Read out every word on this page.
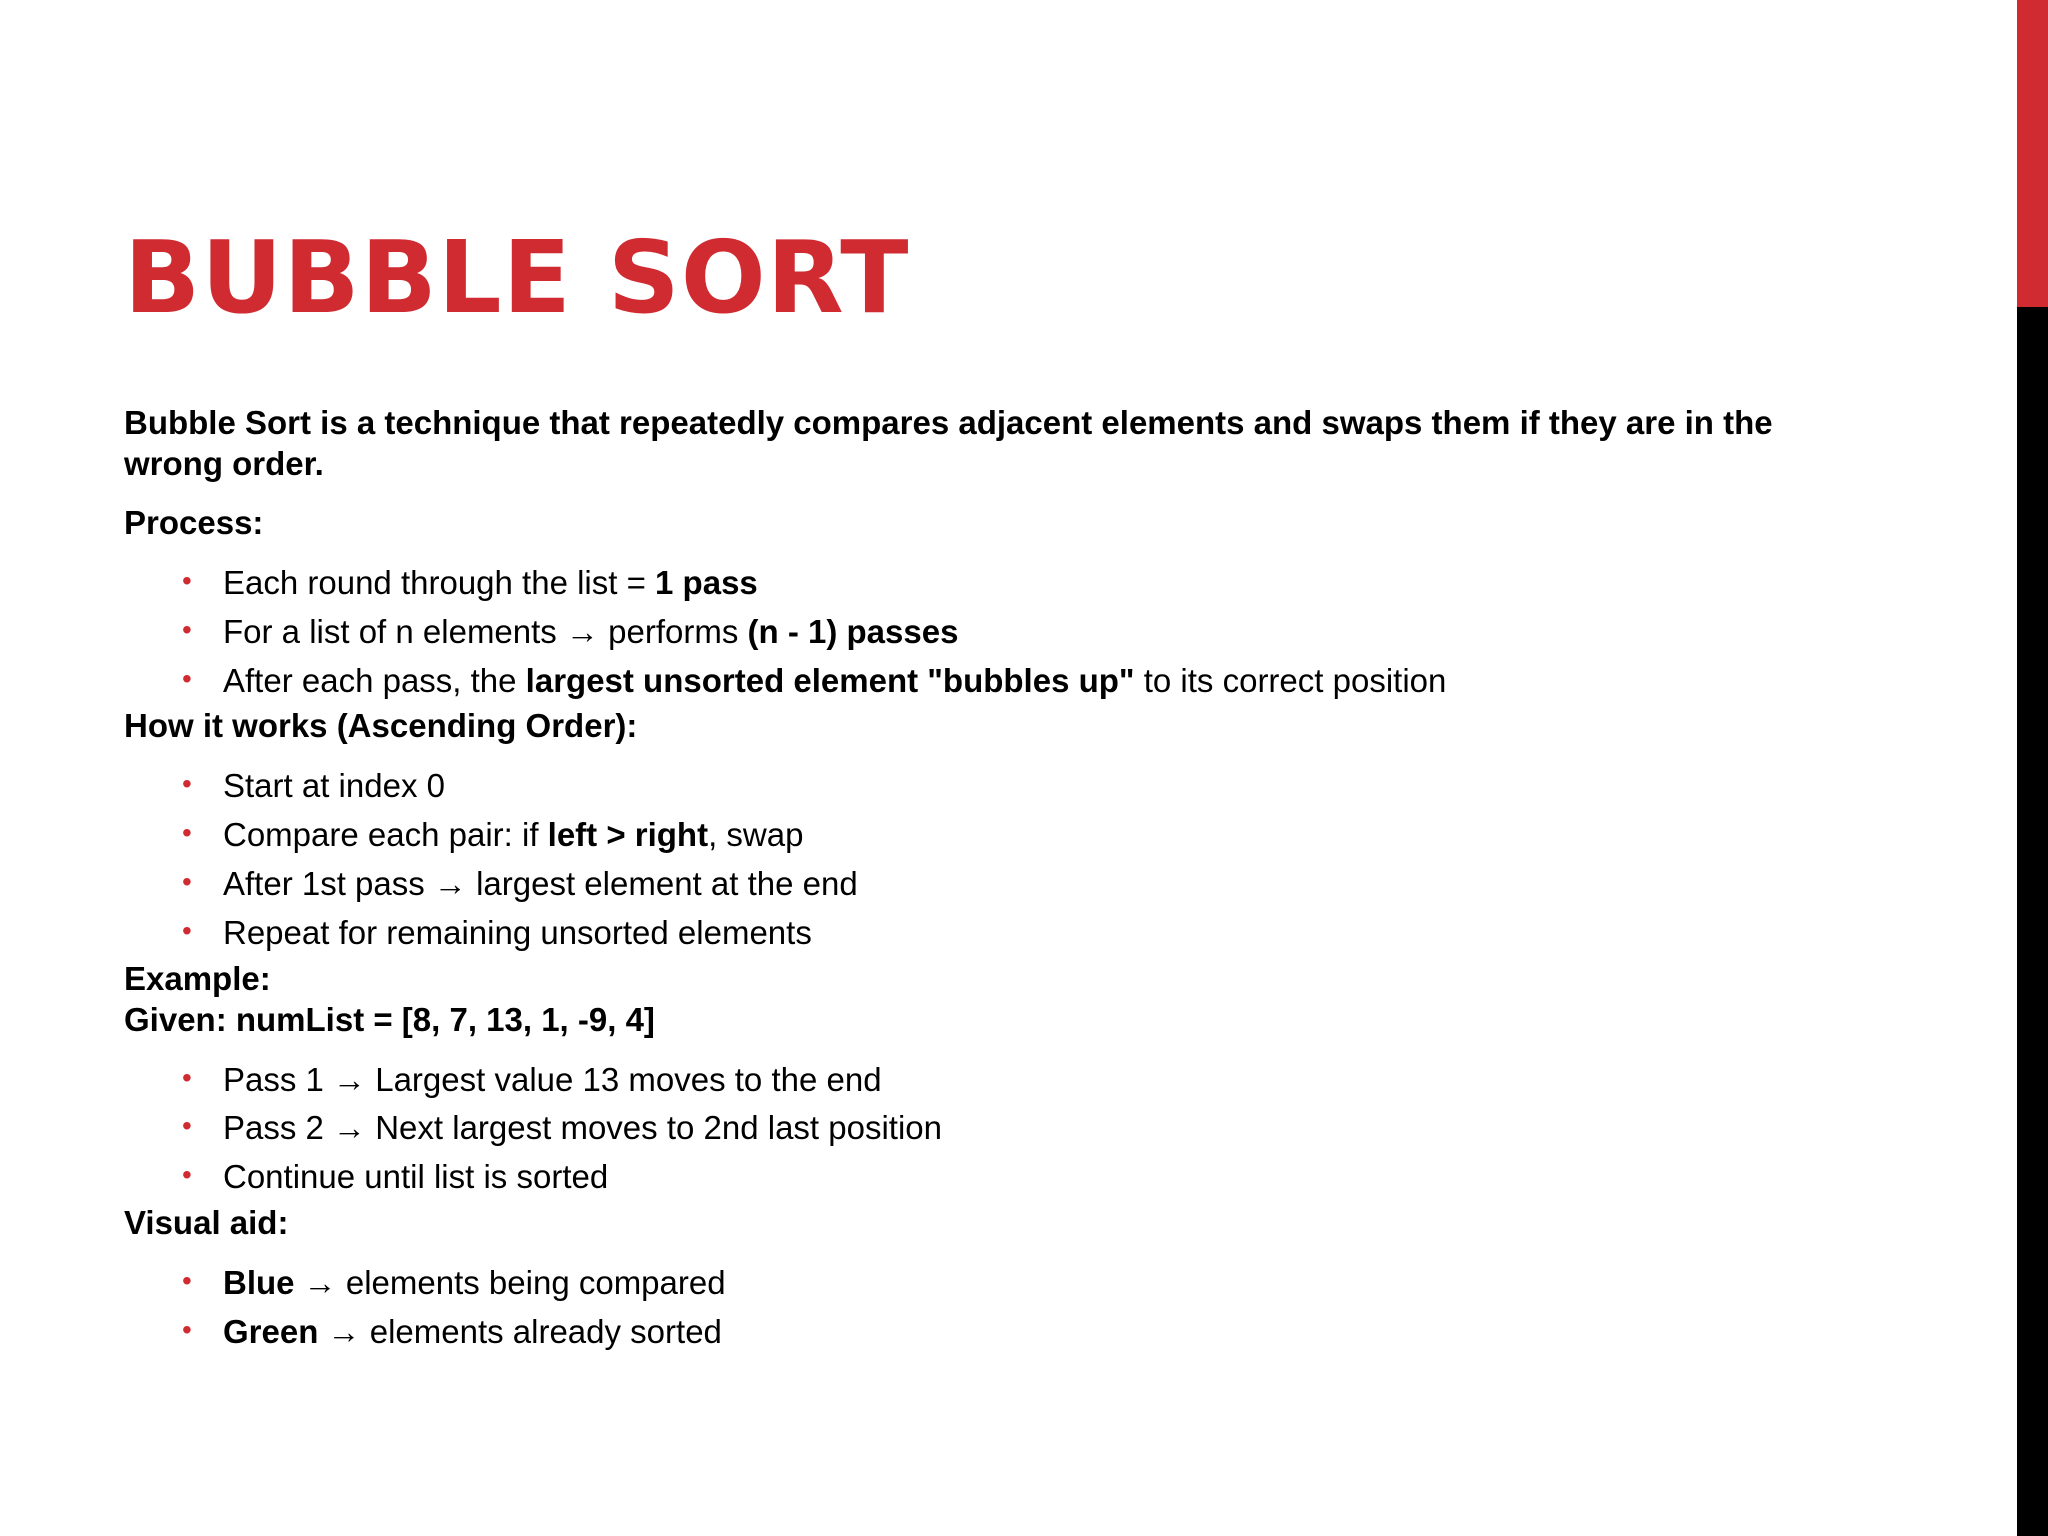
BUBBLE SORT

Bubble Sort is a technique that repeatedly compares adjacent elements and swaps them if they are in the wrong order.

Process:

• Each round through the list = 1 pass
• For a list of n elements → performs (n - 1) passes
• After each pass, the largest unsorted element "bubbles up" to its correct position

How it works (Ascending Order):

• Start at index 0
• Compare each pair: if left > right, swap
• After 1st pass → largest element at the end
• Repeat for remaining unsorted elements

Example:

Given: numList = [8, 7, 13, 1, -9, 4]

• Pass 1 → Largest value 13 moves to the end
• Pass 2 → Next largest moves to 2nd last position
• Continue until list is sorted

Visual aid:

• Blue → elements being compared
• Green → elements already sorted
